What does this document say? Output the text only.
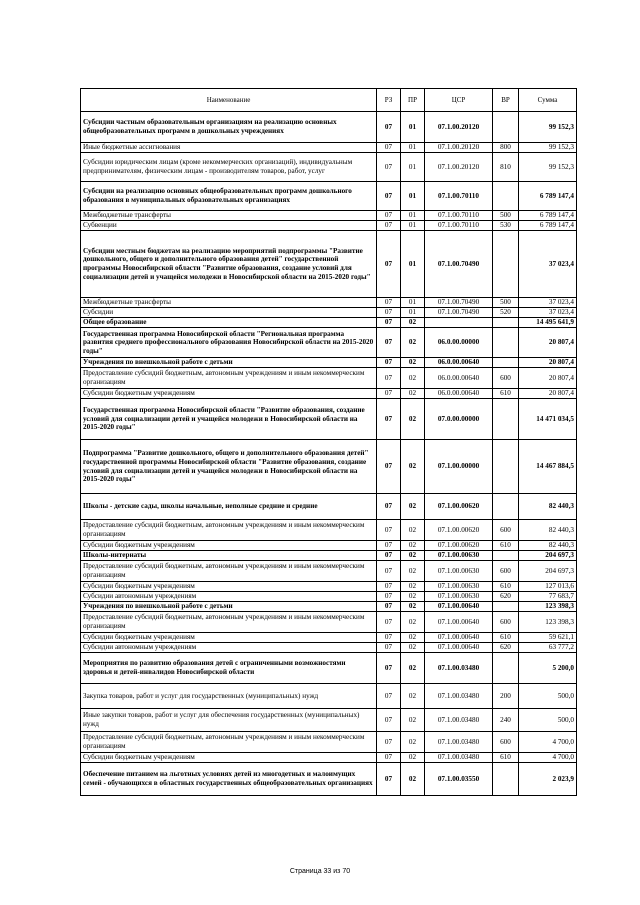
Наименование	РЗ	ПР	ЦСР	ВР	Сумма
Субсидии частным образовательным организациям на реализацию основных общеобразовательных программ в дошкольных учреждениях	07	01	07.1.00.20120		99 152,3
Иные бюджетные ассигнования	07	01	07.1.00.20120	800	99 152,3
Субсидии юридическим лицам (кроме некоммерческих организаций), индивидуальным предпринимателям, физическим лицам - производителям товаров, работ, услуг	07	01	07.1.00.20120	810	99 152,3
Субсидии на реализацию основных общеобразовательных программ дошкольного образования в муниципальных образовательных организациях	07	01	07.1.00.70110		6 789 147,4
Межбюджетные трансферты	07	01	07.1.00.70110	500	6 789 147,4
Субвенции	07	01	07.1.00.70110	530	6 789 147,4
Субсидии местным бюджетам на реализацию мероприятий подпрограммы "Развитие дошкольного, общего и дополнительного образования детей" государственной программы Новосибирской области "Развитие образования, создание условий для социализации детей и учащейся молодежи в Новосибирской области на 2015-2020 годы"	07	01	07.1.00.70490		37 023,4
Межбюджетные трансферты	07	01	07.1.00.70490	500	37 023,4
Субсидии	07	01	07.1.00.70490	520	37 023,4
Общее образование	07	02			14 495 641,9
Государственная программа Новосибирской области "Региональная программа развития среднего профессионального образования Новосибирской области на 2015-2020 годы"	07	02	06.0.00.00000		20 807,4
Учреждения по внешкольной работе с детьми	07	02	06.0.00.00640		20 807,4
Предоставление субсидий бюджетным, автономным учреждениям и иным некоммерческим организациям	07	02	06.0.00.00640	600	20 807,4
Субсидии бюджетным учреждениям	07	02	06.0.00.00640	610	20 807,4
Государственная программа Новосибирской области "Развитие образования, создание условий для социализации детей и учащейся молодежи в Новосибирской области на 2015-2020 годы"	07	02	07.0.00.00000		14 471 034,5
Подпрограмма "Развитие дошкольного, общего и дополнительного образования детей" государственной программы Новосибирской области "Развитие образования, создание условий для социализации детей и учащейся молодежи в Новосибирской области на 2015-2020 годы"	07	02	07.1.00.00000		14 467 884,5
Школы - детские сады, школы начальные, неполные средние и средние	07	02	07.1.00.00620		82 440,3
Предоставление субсидий бюджетным, автономным учреждениям и иным некоммерческим организациям	07	02	07.1.00.00620	600	82 440,3
Субсидии бюджетным учреждениям	07	02	07.1.00.00620	610	82 440,3
Школы-интернаты	07	02	07.1.00.00630		204 697,3
Предоставление субсидий бюджетным, автономным учреждениям и иным некоммерческим организациям	07	02	07.1.00.00630	600	204 697,3
Субсидии бюджетным учреждениям	07	02	07.1.00.00630	610	127 013,6
Субсидии автономным учреждениям	07	02	07.1.00.00630	620	77 683,7
Учреждения по внешкольной работе с детьми	07	02	07.1.00.00640		123 398,3
Предоставление субсидий бюджетным, автономным учреждениям и иным некоммерческим организациям	07	02	07.1.00.00640	600	123 398,3
Субсидии бюджетным учреждениям	07	02	07.1.00.00640	610	59 621,1
Субсидии автономным учреждениям	07	02	07.1.00.00640	620	63 777,2
Мероприятия по развитию образования детей с ограниченными возможностями здоровья и детей-инвалидов Новосибирской области	07	02	07.1.00.03480		5 200,0
Закупка товаров, работ и услуг для государственных (муниципальных) нужд	07	02	07.1.00.03480	200	500,0
Иные закупки товаров, работ и услуг для обеспечения государственных (муниципальных) нужд	07	02	07.1.00.03480	240	500,0
Предоставление субсидий бюджетным, автономным учреждениям и иным некоммерческим организациям	07	02	07.1.00.03480	600	4 700,0
Субсидии бюджетным учреждениям	07	02	07.1.00.03480	610	4 700,0
Обеспечение питанием на льготных условиях детей из многодетных и малоимущих семей - обучающихся в областных государственных общеобразовательных организациях	07	02	07.1.00.03550		2 023,9
Страница 33 из 70
